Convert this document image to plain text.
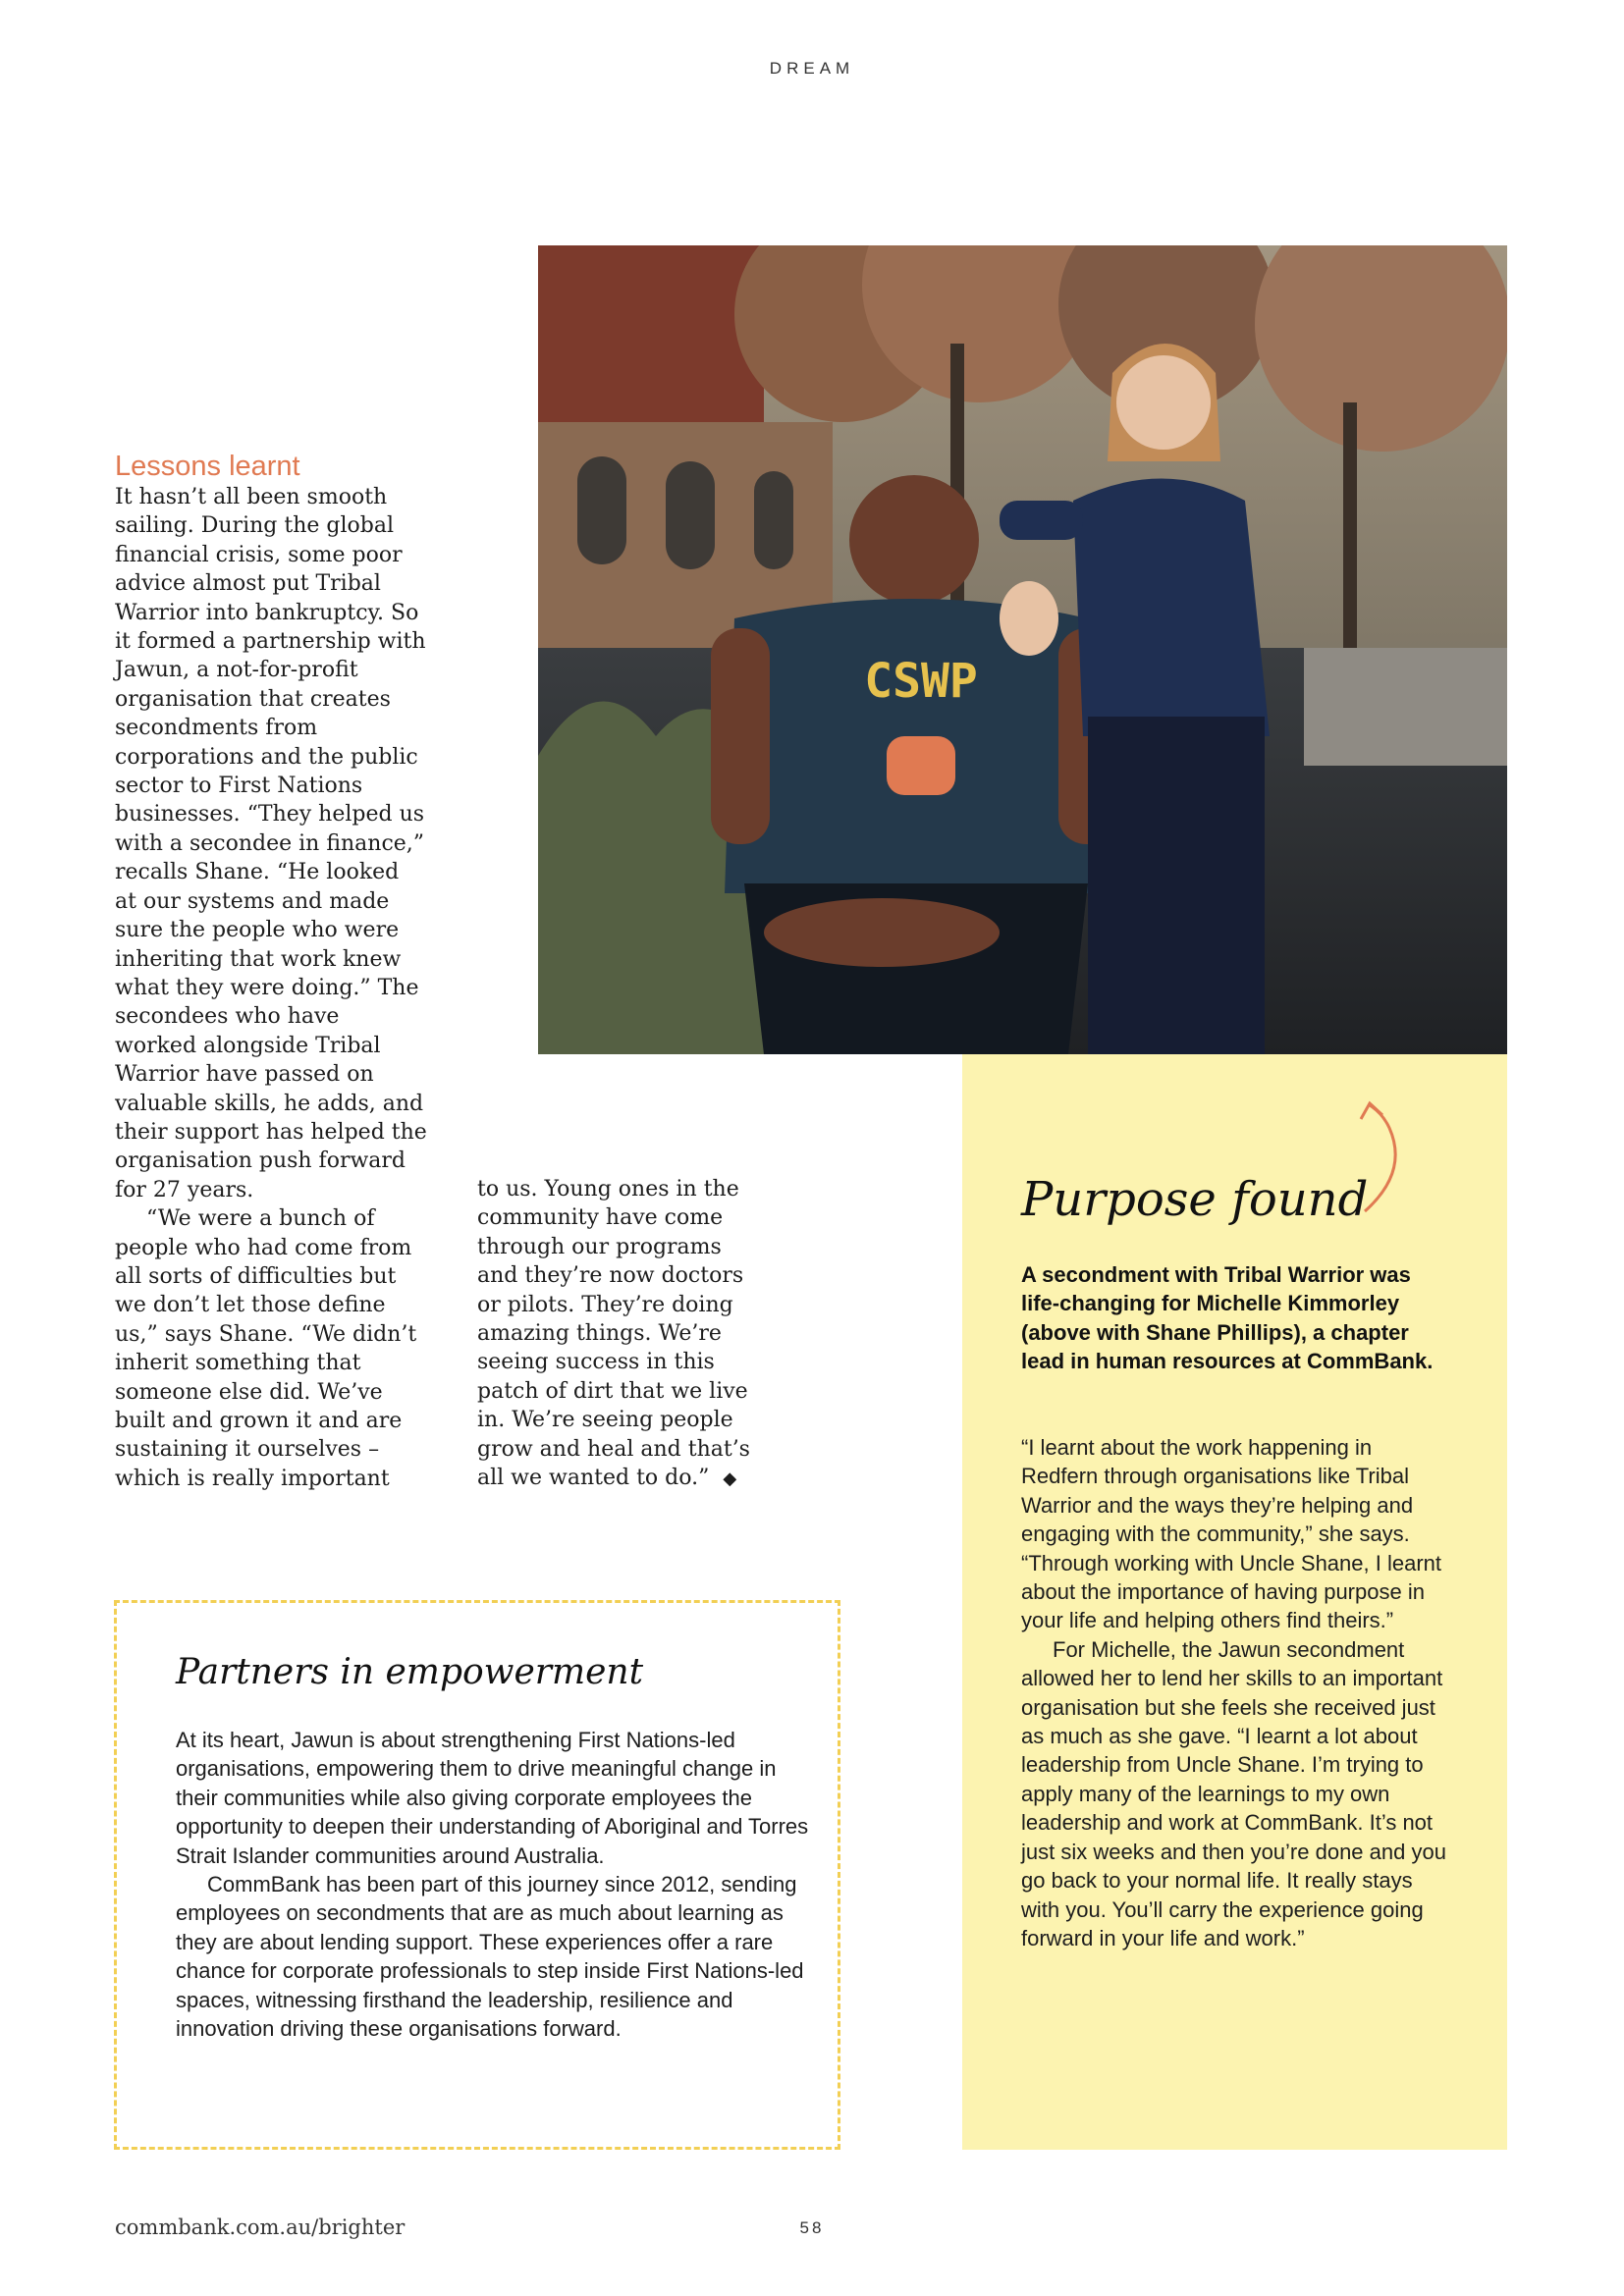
DREAM
CSWP
Lessons learnt

It hasn’t all been smooth sailing. During the global financial crisis, some poor advice almost put Tribal Warrior into bankruptcy. So it formed a partnership with Jawun, a not-for-profit organisation that creates secondments from corporations and the public sector to First Nations businesses. “They helped us with a secondee in finance,” recalls Shane. “He looked at our systems and made sure the people who were inheriting that work knew what they were doing.” The secondees who have worked alongside Tribal Warrior have passed on valuable skills, he adds, and their support has helped the organisation push forward for 27 years.

“We were a bunch of people who had come from all sorts of difficulties but we don’t let those define us,” says Shane. “We didn’t inherit something that someone else did. We’ve built and grown it and are sustaining it ourselves – which is really important

to us. Young ones in the community have come through our programs and they’re now doctors or pilots. They’re doing amazing things. We’re seeing success in this patch of dirt that we live in. We’re seeing people grow and heal and that’s all we wanted to do.” ◆

Partners in empowerment

At its heart, Jawun is about strengthening First Nations-led organisations, empowering them to drive meaningful change in their communities while also giving corporate employees the opportunity to deepen their understanding of Aboriginal and Torres Strait Islander communities around Australia.

CommBank has been part of this journey since 2012, sending employees on secondments that are as much about learning as they are about lending support. These experiences offer a rare chance for corporate professionals to step inside First Nations-led spaces, witnessing firsthand the leadership, resilience and innovation driving these organisations forward.

Purpose found
A secondment with Tribal Warrior was life-changing for Michelle Kimmorley (above with Shane Phillips), a chapter lead in human resources at CommBank.

“I learnt about the work happening in Redfern through organisations like Tribal Warrior and the ways they’re helping and engaging with the community,” she says. “Through working with Uncle Shane, I learnt about the importance of having purpose in your life and helping others find theirs.”

For Michelle, the Jawun secondment allowed her to lend her skills to an important organisation but she feels she received just as much as she gave. “I learnt a lot about leadership from Uncle Shane. I’m trying to apply many of the learnings to my own leadership and work at CommBank. It’s not just six weeks and then you’re done and you go back to your normal life. It really stays with you. You’ll carry the experience going forward in your life and work.”

commbank.com.au/brighter	58
